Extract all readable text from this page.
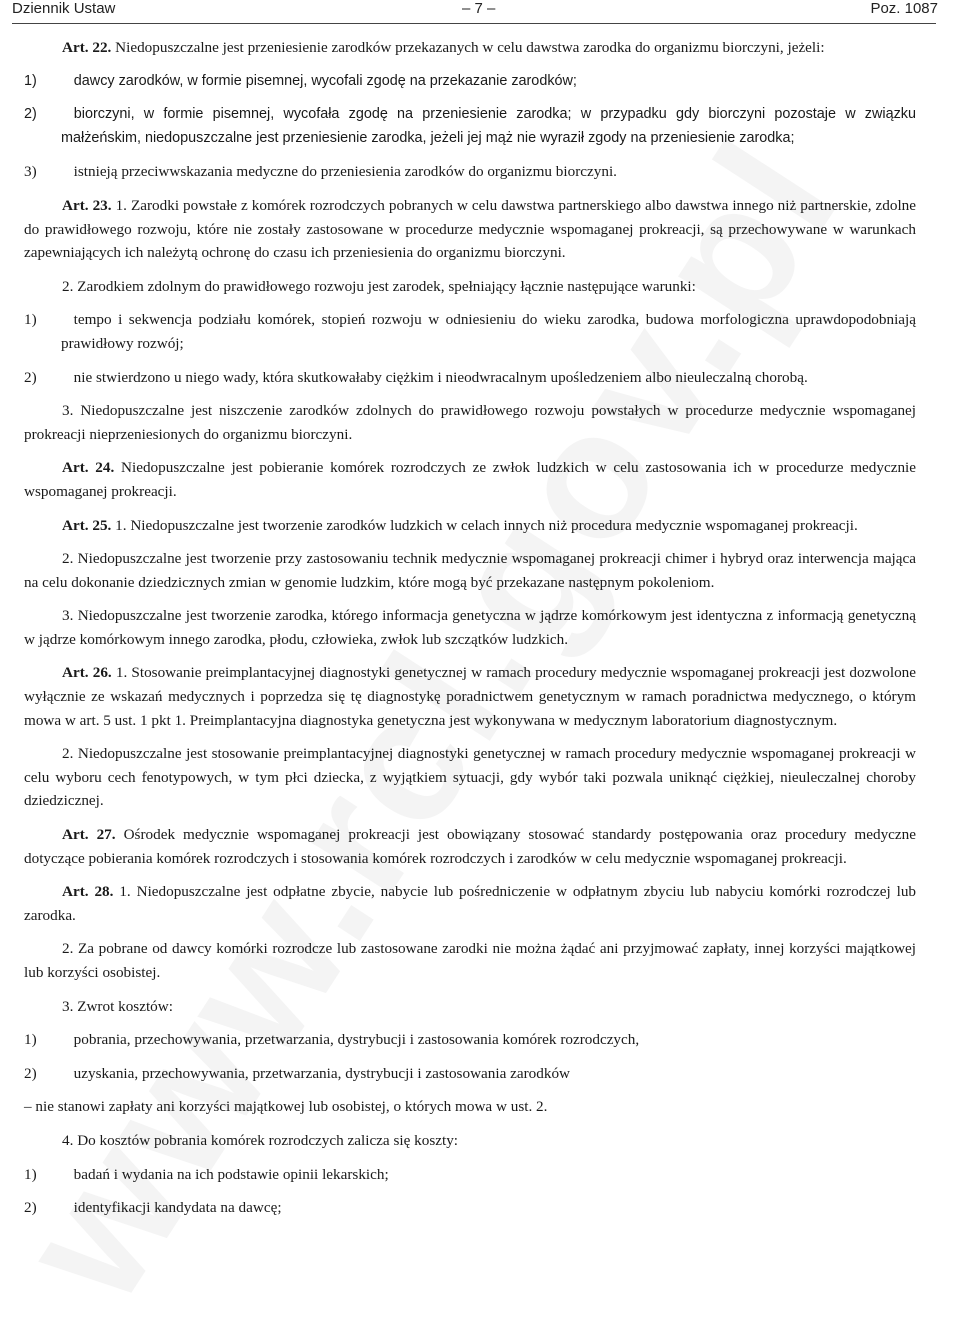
Dziennik Ustaw	– 7 –	Poz. 1087

Art. 22. Niedopuszczalne jest przeniesienie zarodków przekazanych w celu dawstwa zarodka do organizmu biorczyni, jeżeli:

1)	dawcy zarodków, w formie pisemnej, wycofali zgodę na przekazanie zarodków;

2)	biorczyni, w formie pisemnej, wycofała zgodę na przeniesienie zarodka; w przypadku gdy biorczyni pozostaje w związku małżeńskim, niedopuszczalne jest przeniesienie zarodka, jeżeli jej mąż nie wyraził zgody na przeniesienie zarodka;

3) istnieją przeciwwskazania medyczne do przeniesienia zarodków do organizmu biorczyni.

Art. 23. 1. Zarodki powstałe z komórek rozrodczych pobranych w celu dawstwa partnerskiego albo dawstwa innego niż partnerskie, zdolne do prawidłowego rozwoju, które nie zostały zastosowane w procedurze medycznie wspomaganej prokreacji, są przechowywane w warunkach zapewniających ich należytą ochronę do czasu ich przeniesienia do organizmu biorczyni.

2. Zarodkiem zdolnym do prawidłowego rozwoju jest zarodek, spełniający łącznie następujące warunki:

1) tempo i sekwencja podziału komórek, stopień rozwoju w odniesieniu do wieku zarodka, budowa morfologiczna uprawdopodobniają prawidłowy rozwój;

2) nie stwierdzono u niego wady, która skutkowałaby ciężkim i nieodwracalnym upośledzeniem albo nieuleczalną chorobą.

3. Niedopuszczalne jest niszczenie zarodków zdolnych do prawidłowego rozwoju powstałych w procedurze medycznie wspomaganej prokreacji nieprzeniesionych do organizmu biorczyni.

Art. 24. Niedopuszczalne jest pobieranie komórek rozrodczych ze zwłok ludzkich w celu zastosowania ich w procedurze medycznie wspomaganej prokreacji.

Art. 25. 1. Niedopuszczalne jest tworzenie zarodków ludzkich w celach innych niż procedura medycznie wspomaganej prokreacji.

2. Niedopuszczalne jest tworzenie przy zastosowaniu technik medycznie wspomaganej prokreacji chimer i hybryd oraz interwencja mająca na celu dokonanie dziedzicznych zmian w genomie ludzkim, które mogą być przekazane następnym pokoleniom.

3. Niedopuszczalne jest tworzenie zarodka, którego informacja genetyczna w jądrze komórkowym jest identyczna z informacją genetyczną w jądrze komórkowym innego zarodka, płodu, człowieka, zwłok lub szczątków ludzkich.

Art. 26. 1. Stosowanie preimplantacyjnej diagnostyki genetycznej w ramach procedury medycznie wspomaganej prokreacji jest dozwolone wyłącznie ze wskazań medycznych i poprzedza się tę diagnostykę poradnictwem genetycznym w ramach poradnictwa medycznego, o którym mowa w art. 5 ust. 1 pkt 1. Preimplantacyjna diagnostyka genetyczna jest wykonywana w medycznym laboratorium diagnostycznym.

2. Niedopuszczalne jest stosowanie preimplantacyjnej diagnostyki genetycznej w ramach procedury medycznie wspomaganej prokreacji w celu wyboru cech fenotypowych, w tym płci dziecka, z wyjątkiem sytuacji, gdy wybór taki pozwala uniknąć ciężkiej, nieuleczalnej choroby dziedzicznej.

Art. 27. Ośrodek medycznie wspomaganej prokreacji jest obowiązany stosować standardy postępowania oraz procedury medyczne dotyczące pobierania komórek rozrodczych i stosowania komórek rozrodczych i zarodków w celu medycznie wspomaganej prokreacji.

Art. 28. 1. Niedopuszczalne jest odpłatne zbycie, nabycie lub pośredniczenie w odpłatnym zbyciu lub nabyciu komórki rozrodczej lub zarodka.

2. Za pobrane od dawcy komórki rozrodcze lub zastosowane zarodki nie można żądać ani przyjmować zapłaty, innej korzyści majątkowej lub korzyści osobistej.

3. Zwrot kosztów:

1) pobrania, przechowywania, przetwarzania, dystrybucji i zastosowania komórek rozrodczych,

2) uzyskania, przechowywania, przetwarzania, dystrybucji i zastosowania zarodków

– nie stanowi zapłaty ani korzyści majątkowej lub osobistej, o których mowa w ust. 2.

4. Do kosztów pobrania komórek rozrodczych zalicza się koszty:

1) badań i wydania na ich podstawie opinii lekarskich;

2) identyfikacji kandydata na dawcę;
